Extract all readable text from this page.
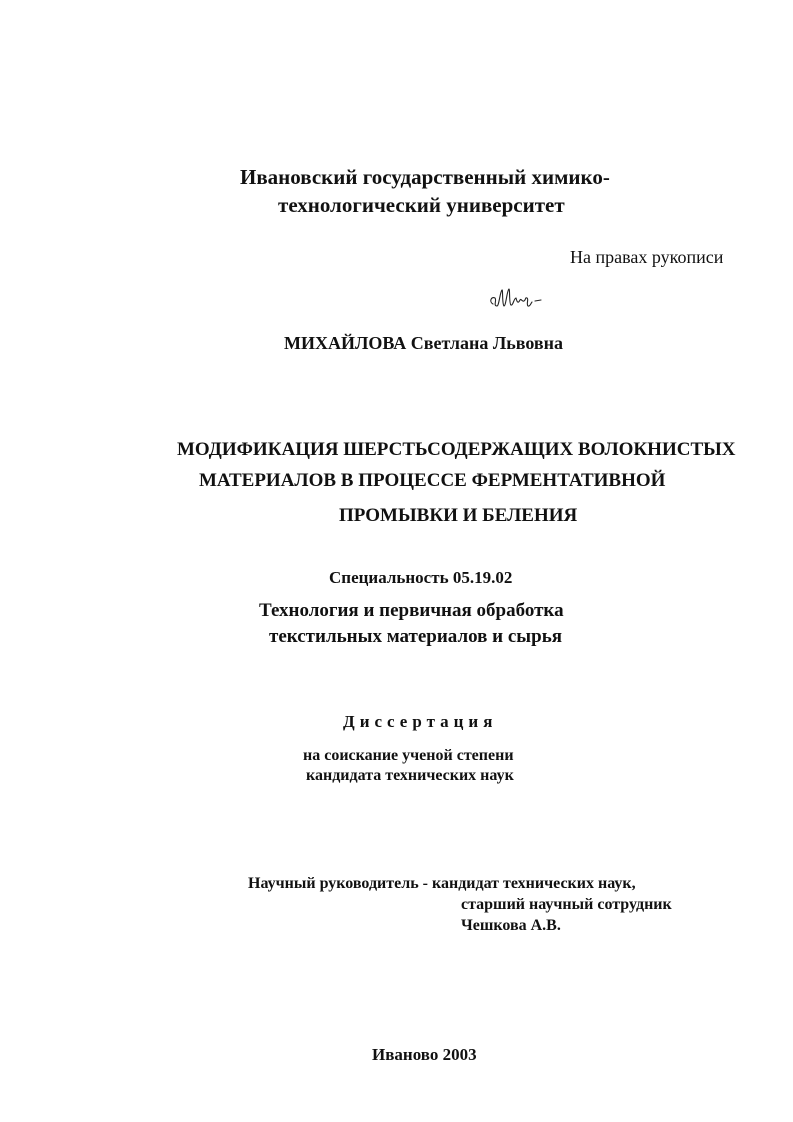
Ивановский государственный химико-
технологический университет
На правах рукописи
МИХАЙЛОВА Светлана Львовна
МОДИФИКАЦИЯ ШЕРСТЬСОДЕРЖАЩИХ ВОЛОКНИСТЫХ
МАТЕРИАЛОВ В ПРОЦЕССЕ ФЕРМЕНТАТИВНОЙ
ПРОМЫВКИ И БЕЛЕНИЯ
Специальность 05.19.02
Технология и первичная обработка
текстильных материалов и сырья
Диссертация
на соискание ученой степени
кандидата технических наук
Научный руководитель - кандидат технических наук,
старший научный сотрудник
Чешкова А.В.
Иваново 2003
